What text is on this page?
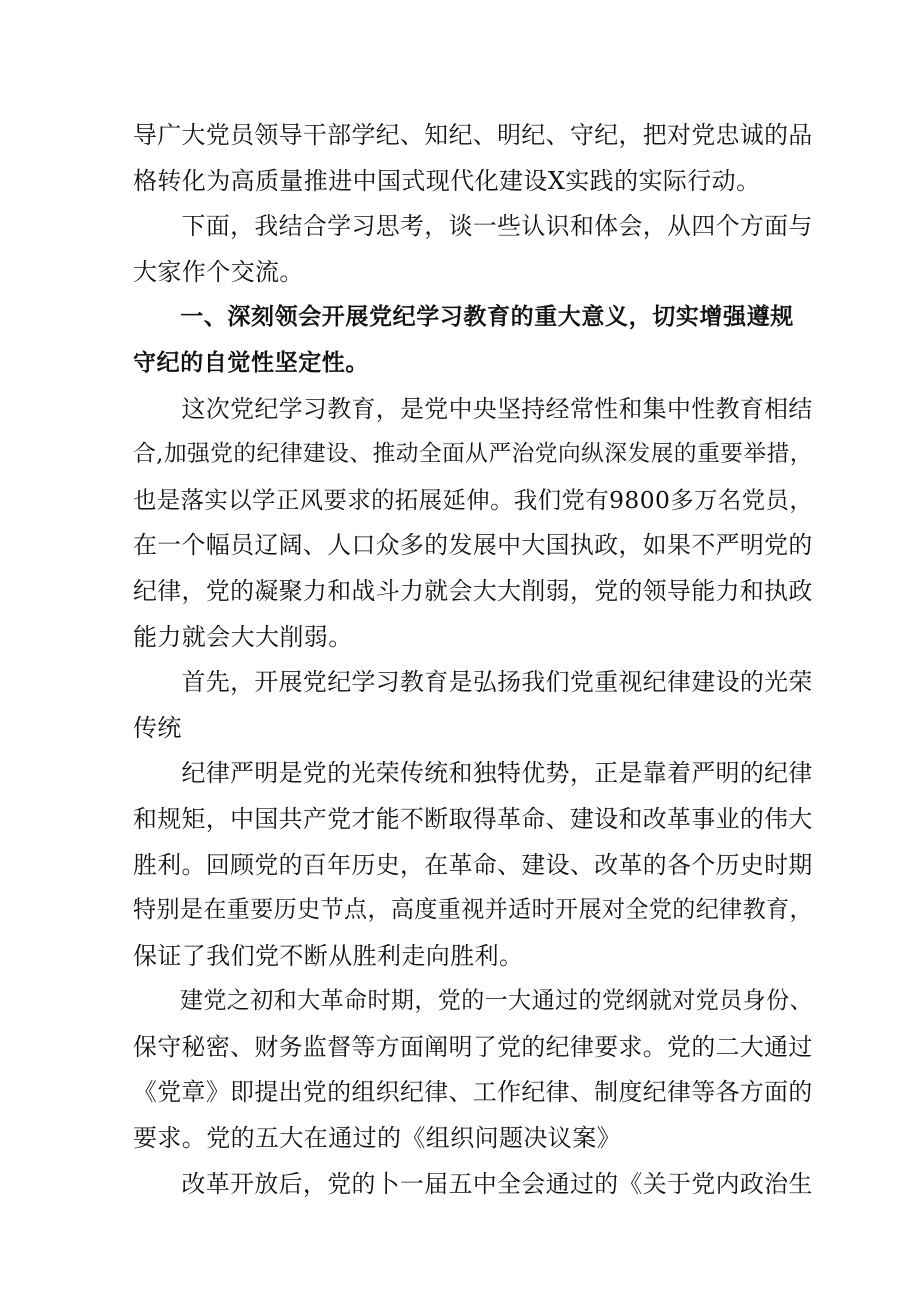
导广大党员领导干部学纪、知纪、明纪、守纪，把对党忠诚的品
格转化为高质量推进中国式现代化建设X实践的实际行动。
　　下面，我结合学习思考，谈一些认识和体会，从四个方面与
大家作个交流。
　　一、深刻领会开展党纪学习教育的重大意义，切实增强遵规
守纪的自觉性坚定性。
　　这次党纪学习教育，是党中央坚持经常性和集中性教育相结
合,加强党的纪律建设、推动全面从严治党向纵深发展的重要举措，
也是落实以学正风要求的拓展延伸。我们党有9800多万名党员，
在一个幅员辽阔、人口众多的发展中大国执政，如果不严明党的
纪律，党的凝聚力和战斗力就会大大削弱，党的领导能力和执政
能力就会大大削弱。
　　首先，开展党纪学习教育是弘扬我们党重视纪律建设的光荣
传统
　　纪律严明是党的光荣传统和独特优势，正是靠着严明的纪律
和规矩，中国共产党才能不断取得革命、建设和改革事业的伟大
胜利。回顾党的百年历史，在革命、建设、改革的各个历史时期
特别是在重要历史节点，高度重视并适时开展对全党的纪律教育，
保证了我们党不断从胜利走向胜利。
　　建党之初和大革命时期，党的一大通过的党纲就对党员身份、
保守秘密、财务监督等方面阐明了党的纪律要求。党的二大通过
《党章》即提出党的组织纪律、工作纪律、制度纪律等各方面的
要求。党的五大在通过的《组织问题决议案》
　　改革开放后，党的卜一届五中全会通过的《关于党内政治生
